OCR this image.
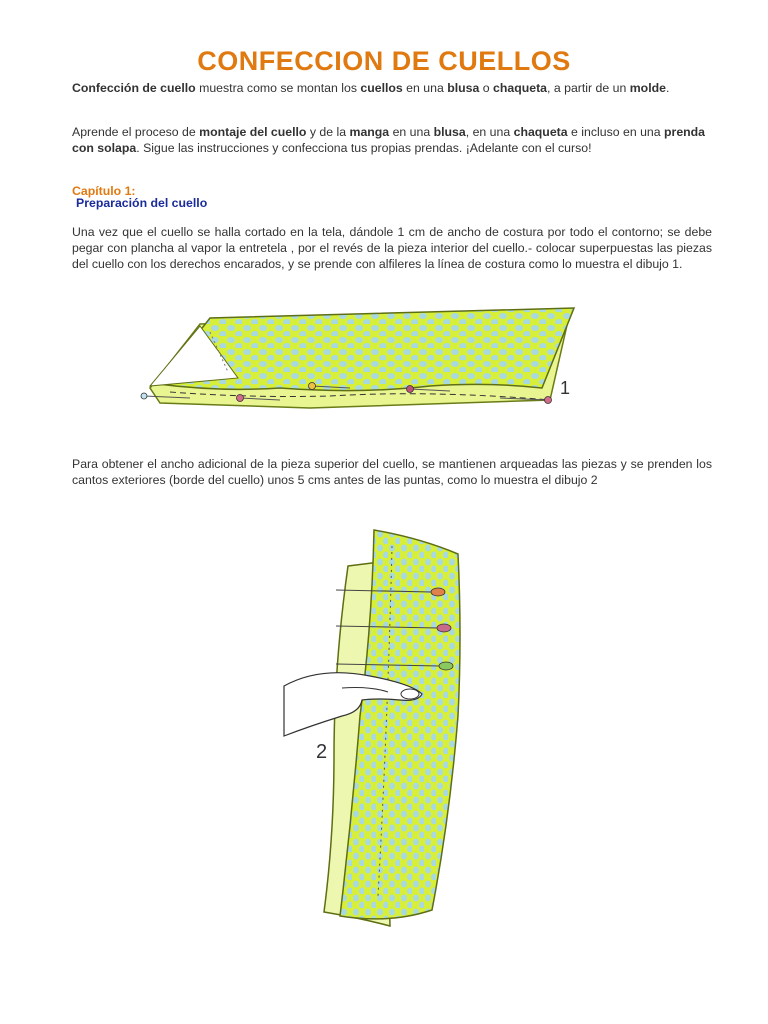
CONFECCION DE CUELLOS

Confección de cuello muestra como se montan los cuellos en una blusa o chaqueta, a partir de un molde.

Aprende el proceso de montaje del cuello y de la manga en una blusa, en una chaqueta e incluso en una prenda con solapa. Sigue las instrucciones y confecciona tus propias prendas. ¡Adelante con el curso!

Capítulo 1:
Preparación del cuello

Una vez que el cuello se halla cortado en la tela, dándole 1 cm de ancho de costura por todo el contorno; se debe pegar con plancha al vapor la entretela , por el revés de la pieza interior del cuello.- colocar superpuestas las piezas del cuello con los derechos encarados, y se prende con alfileres la línea de costura como lo muestra el dibujo 1.

1

Para obtener el ancho adicional de la pieza superior del cuello, se mantienen arqueadas las piezas y se prenden los cantos exteriores (borde del cuello) unos 5 cms antes de las puntas, como lo muestra el dibujo 2

2
